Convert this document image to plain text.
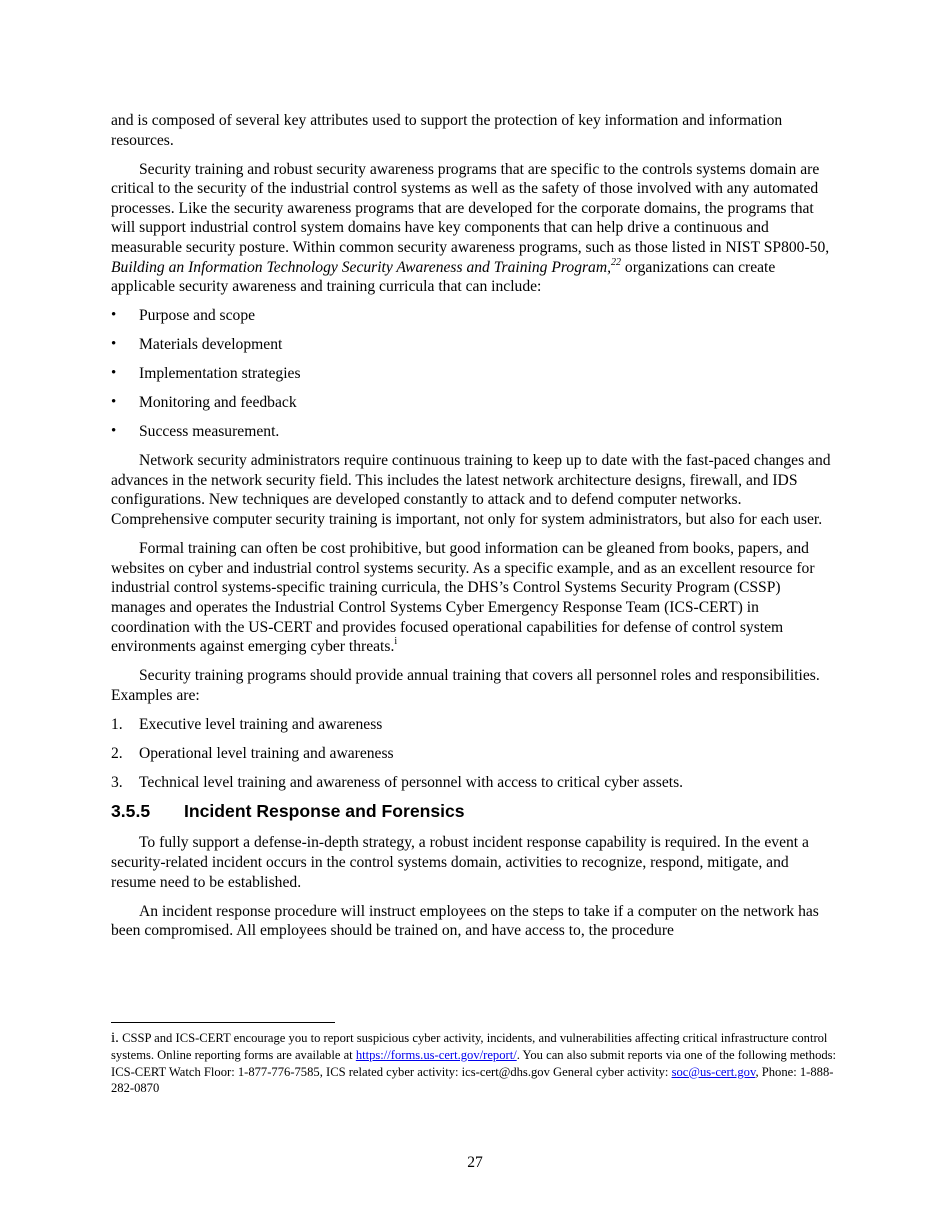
and is composed of several key attributes used to support the protection of key information and information resources.

Security training and robust security awareness programs that are specific to the controls systems domain are critical to the security of the industrial control systems as well as the safety of those involved with any automated processes. Like the security awareness programs that are developed for the corporate domains, the programs that will support industrial control system domains have key components that can help drive a continuous and measurable security posture. Within common security awareness programs, such as those listed in NIST SP800-50, Building an Information Technology Security Awareness and Training Program,$^{22}$ organizations can create applicable security awareness and training curricula that can include:

•	Purpose and scope
•	Materials development
•	Implementation strategies
•	Monitoring and feedback
•	Success measurement.

Network security administrators require continuous training to keep up to date with the fast-paced changes and advances in the network security field. This includes the latest network architecture designs, firewall, and IDS configurations. New techniques are developed constantly to attack and to defend computer networks. Comprehensive computer security training is important, not only for system administrators, but also for each user.

Formal training can often be cost prohibitive, but good information can be gleaned from books, papers, and websites on cyber and industrial control systems security. As a specific example, and as an excellent resource for industrial control systems-specific training curricula, the DHS’s Control Systems Security Program (CSSP) manages and operates the Industrial Control Systems Cyber Emergency Response Team (ICS-CERT) in coordination with the US-CERT and provides focused operational capabilities for defense of control system environments against emerging cyber threats.$^i$

Security training programs should provide annual training that covers all personnel roles and responsibilities. Examples are:

1.	Executive level training and awareness
2.	Operational level training and awareness
3.	Technical level training and awareness of personnel with access to critical cyber assets.
3.5.5	Incident Response and Forensics

To fully support a defense-in-depth strategy, a robust incident response capability is required. In the event a security-related incident occurs in the control systems domain, activities to recognize, respond, mitigate, and resume need to be established.

An incident response procedure will instruct employees on the steps to take if a computer on the network has been compromised. All employees should be trained on, and have access to, the procedure

i. CSSP and ICS-CERT encourage you to report suspicious cyber activity, incidents, and vulnerabilities affecting critical infrastructure control systems. Online reporting forms are available at https://forms.us-cert.gov/report/. You can also submit reports via one of the following methods: ICS-CERT Watch Floor: 1-877-776-7585, ICS related cyber activity: ics-cert@dhs.gov General cyber activity: soc@us-cert.gov, Phone: 1-888-282-0870
27
